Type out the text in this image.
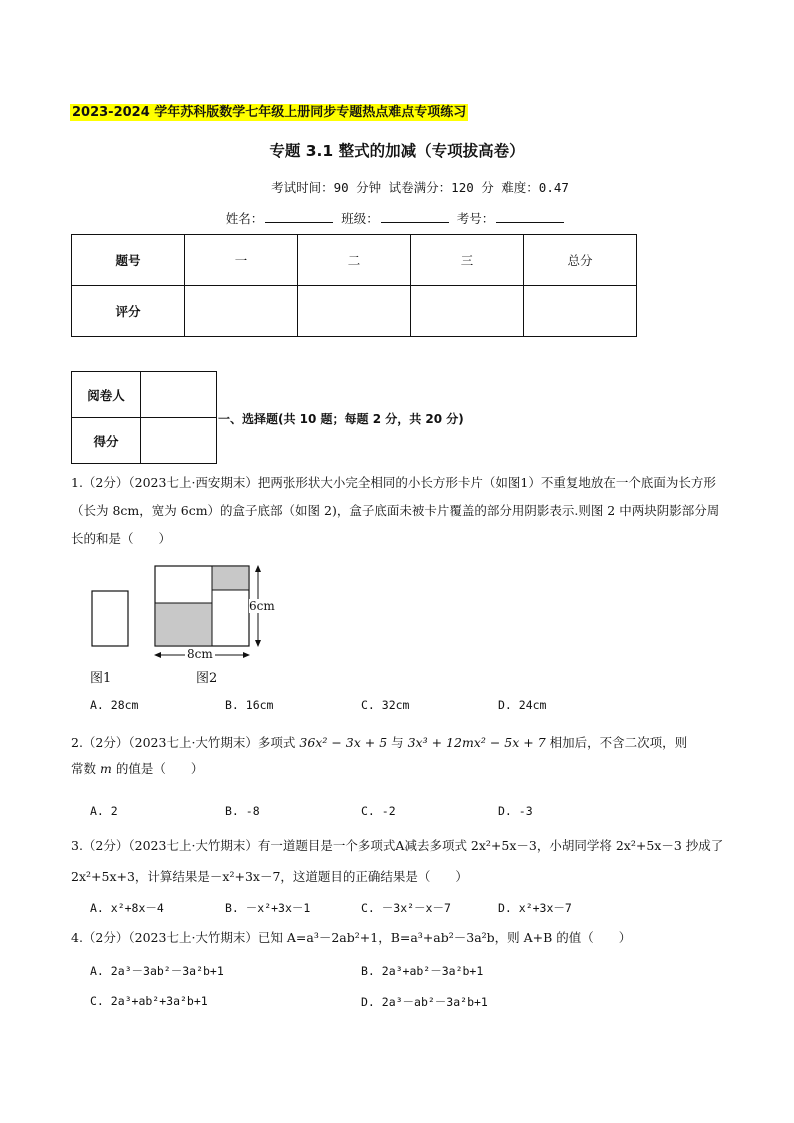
2023-2024 学年苏科版数学七年级上册同步专题热点难点专项练习
专题 3.1 整式的加减（专项拔高卷）
考试时间：90 分钟 试卷满分：120 分 难度：0.47
姓名：	班级：	考号：
题号	一	二	三	总分
评分				
阅卷人	
得分	
一、选择题(共 10 题；每题 2 分，共 20 分)
1.（2分）（2023七上·西安期末）把两张形状大小完全相同的小长方形卡片（如图1）不重复地放在一个底面为长方形（长为 8cm，宽为 6cm）的盒子底部（如图 2)，盒子底面未被卡片覆盖的部分用阴影表示.则图 2 中两块阴影部分周长的和是（　　）
6cm
8cm
图1	图2
A. 28cm	B. 16cm	C. 32cm	D. 24cm
2.（2分）（2023七上·大竹期末）多项式 36x² − 3x + 5 与 3x³ + 12mx² − 5x + 7 相加后，不含二次项，则
常数 m 的值是（　　）
A. 2	B. -8	C. -2	D. -3
3.（2分）（2023七上·大竹期末）有一道题目是一个多项式A减去多项式 2x²+5x－3，小胡同学将 2x²+5x－3 抄成了 2x²+5x+3，计算结果是－x²+3x－7，这道题目的正确结果是（　　）
A. x²+8x－4	B. －x²+3x－1	C. －3x²－x－7	D. x²+3x－7
4.（2分）（2023七上·大竹期末）已知 A=a³－2ab²+1，B=a³+ab²－3a²b，则 A+B 的值（　　）
A. 2a³－3ab²－3a²b+1	B. 2a³+ab²－3a²b+1
C. 2a³+ab²+3a²b+1	D. 2a³－ab²－3a²b+1
